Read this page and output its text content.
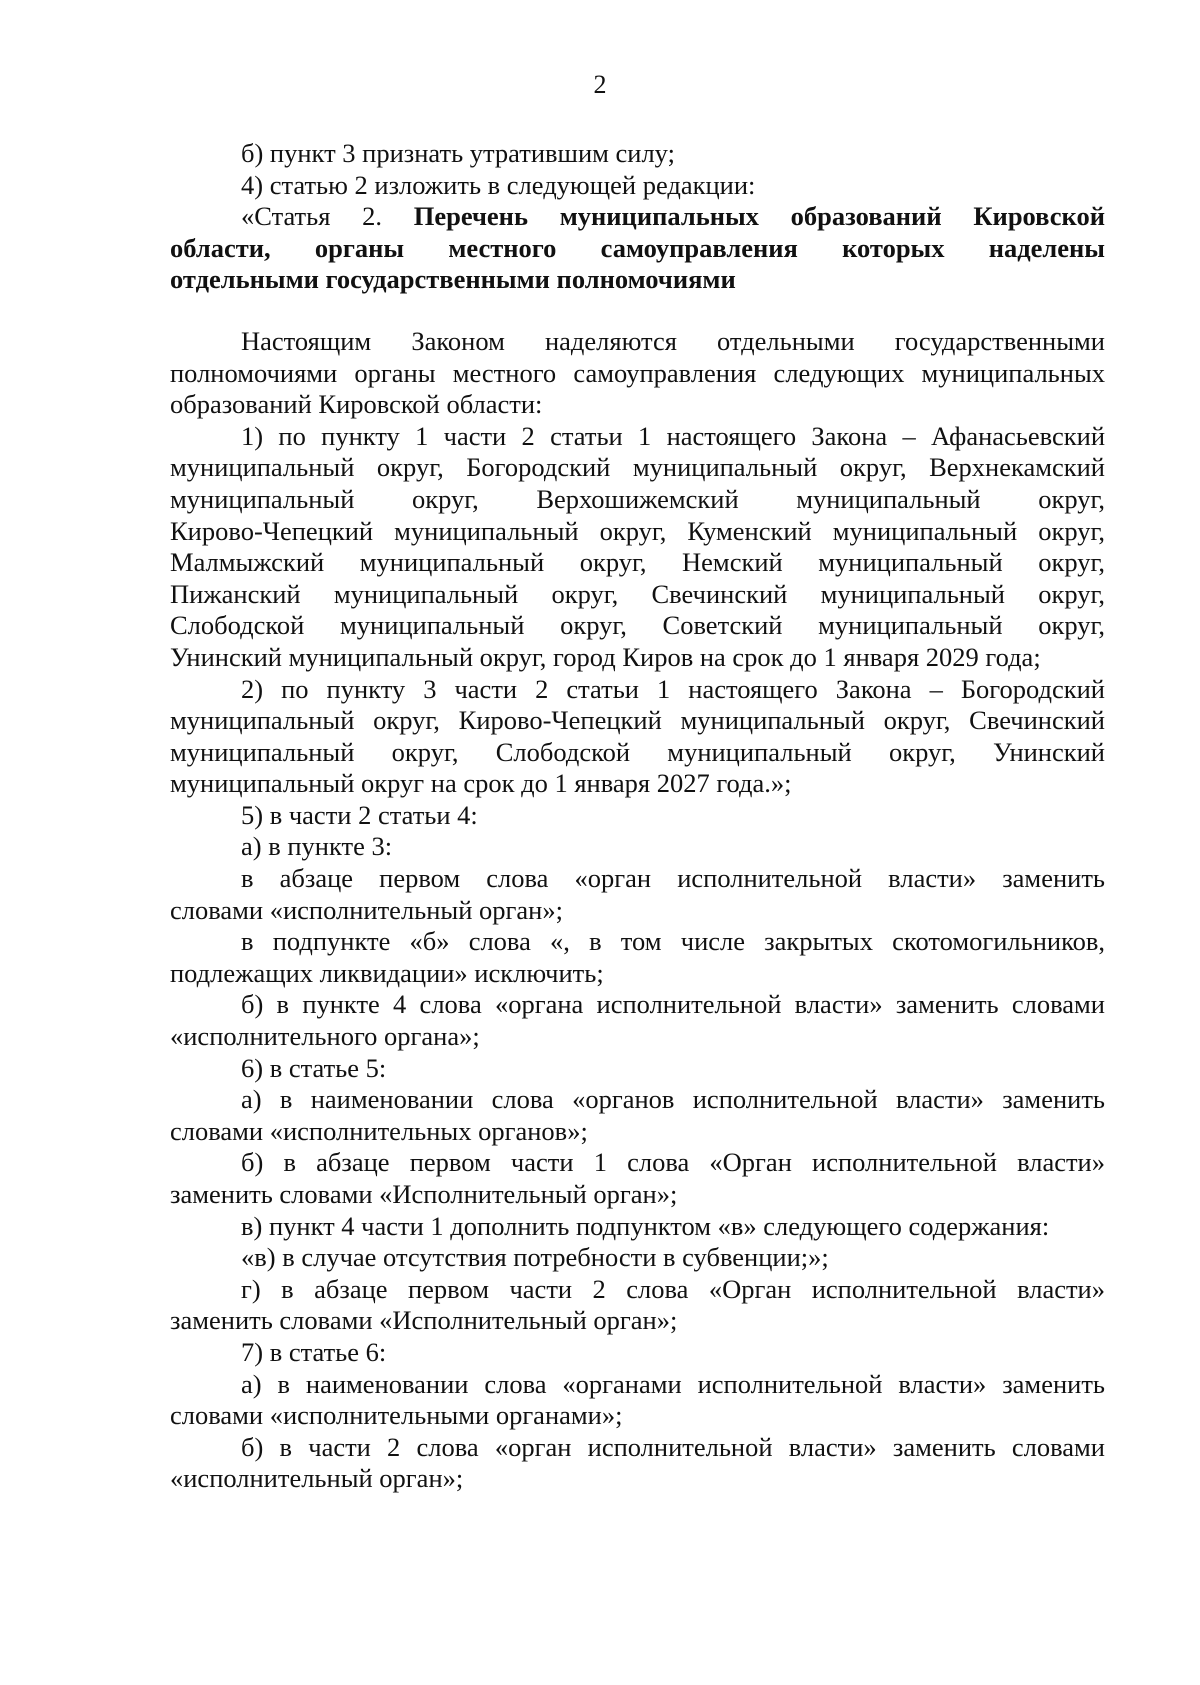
2
б) пункт 3 признать утратившим силу;
4) статью 2 изложить в следующей редакции:
«Статья 2. Перечень муниципальных образований Кировской
области, органы местного самоуправления которых наделены
отдельными государственными полномочиями
Настоящим Законом наделяются отдельными государственными
полномочиями органы местного самоуправления следующих муниципальных
образований Кировской области:
1) по пункту 1 части 2 статьи 1 настоящего Закона – Афанасьевский
муниципальный округ, Богородский муниципальный округ, Верхнекамский
муниципальный округ, Верхошижемский муниципальный округ,
Кирово-Чепецкий муниципальный округ, Куменский муниципальный округ,
Малмыжский муниципальный округ, Немский муниципальный округ,
Пижанский муниципальный округ, Свечинский муниципальный округ,
Слободской муниципальный округ, Советский муниципальный округ,
Унинский муниципальный округ, город Киров на срок до 1 января 2029 года;
2) по пункту 3 части 2 статьи 1 настоящего Закона – Богородский
муниципальный округ, Кирово-Чепецкий муниципальный округ, Свечинский
муниципальный округ, Слободской муниципальный округ, Унинский
муниципальный округ на срок до 1 января 2027 года.»;
5) в части 2 статьи 4:
а) в пункте 3:
в абзаце первом слова «орган исполнительной власти» заменить
словами «исполнительный орган»;
в подпункте «б» слова «, в том числе закрытых скотомогильников,
подлежащих ликвидации» исключить;
б) в пункте 4 слова «органа исполнительной власти» заменить словами
«исполнительного органа»;
6) в статье 5:
а) в наименовании слова «органов исполнительной власти» заменить
словами «исполнительных органов»;
б) в абзаце первом части 1 слова «Орган исполнительной власти»
заменить словами «Исполнительный орган»;
в) пункт 4 части 1 дополнить подпунктом «в» следующего содержания:
«в) в случае отсутствия потребности в субвенции;»;
г) в абзаце первом части 2 слова «Орган исполнительной власти»
заменить словами «Исполнительный орган»;
7) в статье 6:
а) в наименовании слова «органами исполнительной власти» заменить
словами «исполнительными органами»;
б) в части 2 слова «орган исполнительной власти» заменить словами
«исполнительный орган»;
